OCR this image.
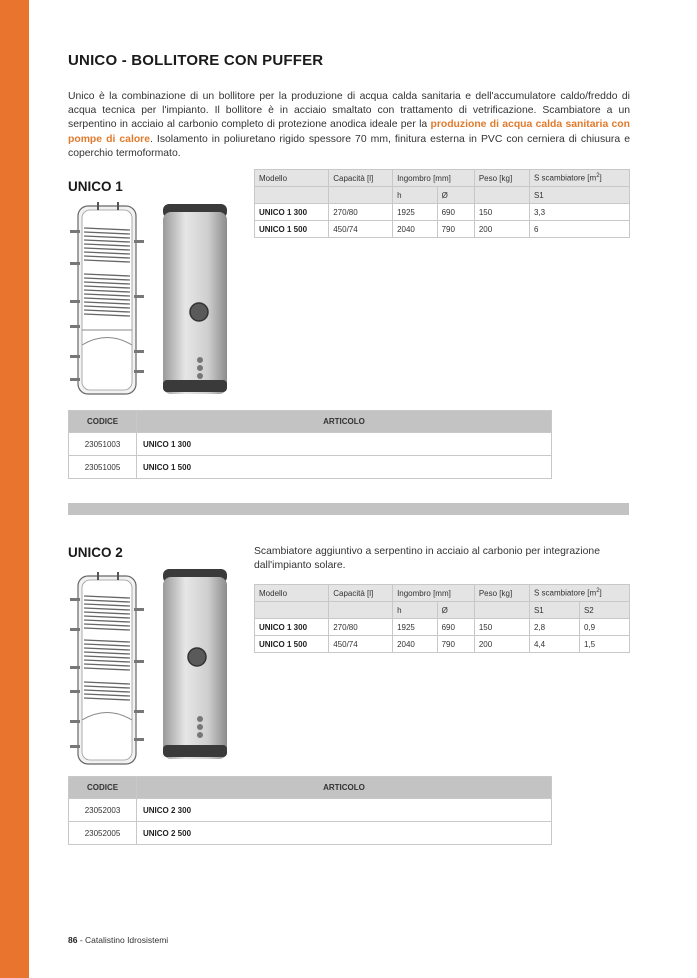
UNICO - BOLLITORE CON PUFFER
Unico è la combinazione di un bollitore per la produzione di acqua calda sanitaria e dell'accumulatore caldo/freddo di acqua tecnica per l'impianto. Il bollitore è in acciaio smaltato con trattamento di vetrificazione. Scambiatore a un serpentino in acciaio al carbonio completo di protezione anodica ideale per la produzione di acqua calda sanitaria con pompe di calore. Isolamento in poliuretano rigido spessore 70 mm, finitura esterna in PVC con cerniera di chiusura e coperchio termoformato.
UNICO 1
Modello	Capacità [l]	Ingombro [mm]		Peso [kg]	S scambiatore $[m^2]$
		h	Ø		S1
UNICO 1 300	270/80	1925	690	150	3,3
UNICO 1 500	450/74	2040	790	200	6
CODICE	ARTICOLO
23051003	UNICO 1 300
23051005	UNICO 1 500
UNICO 2	Scambiatore aggiuntivo a serpentino in acciaio al carbonio per integrazione dall'impianto solare.
Modello	Capacità [l]	Ingombro [mm]		Peso [kg]	S scambiatore $[m^2]$	
		h	Ø		S1	S2
UNICO 1 300	270/80	1925	690	150	2,8	0,9
UNICO 1 500	450/74	2040	790	200	4,4	1,5
CODICE	ARTICOLO
23052003	UNICO 2 300
23052005	UNICO 2 500
86 - Catalistino Idrosistemi
